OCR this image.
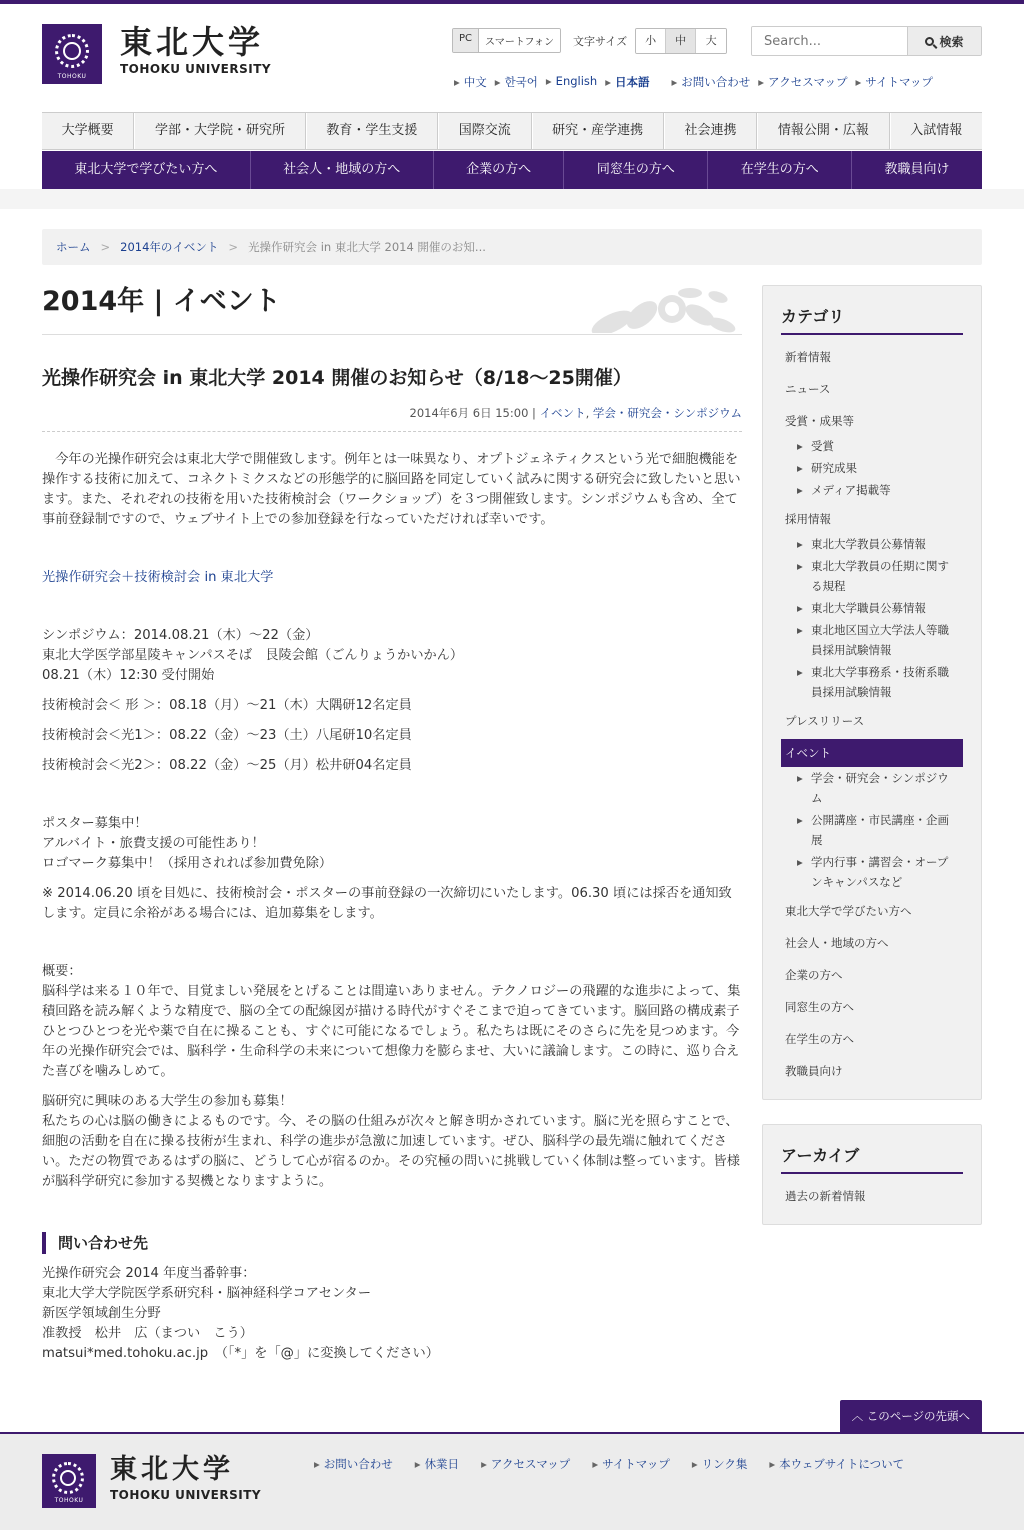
TOHOKU
東北大学
TOHOKU UNIVERSITY
PC	スマートフォン	文字サイズ	小	中	大
Search...	検索
▸ 中文	▸ 한국어	▸ English	▸ 日本語	▸ お問い合わせ	▸ アクセスマップ	▸ サイトマップ
大学概要	学部・大学院・研究所	教育・学生支援	国際交流	研究・産学連携	社会連携	情報公開・広報	入試情報
東北大学で学びたい方へ	社会人・地域の方へ	企業の方へ	同窓生の方へ	在学生の方へ	教職員向け
ホーム > 2014年のイベント > 光操作研究会 in 東北大学 2014 開催のお知...
2014年 | イベント
光操作研究会 in 東北大学 2014 開催のお知らせ（8/18〜25開催）
2014年6月 6日 15:00 | イベント, 学会・研究会・シンポジウム

今年の光操作研究会は東北大学で開催致します。例年とは一味異なり、オプトジェネティクスという光で細胞機能を操作する技術に加えて、コネクトミクスなどの形態学的に脳回路を同定していく試みに関する研究会に致したいと思います。また、それぞれの技術を用いた技術検討会（ワークショップ）を３つ開催致します。シンポジウムも含め、全て事前登録制ですので、ウェブサイト上での参加登録を行なっていただければ幸いです。

光操作研究会＋技術検討会 in 東北大学

シンポジウム：2014.08.21（木）〜22（金）
東北大学医学部星陵キャンパスそば　艮陵会館（ごんりょうかいかん）
08.21（木）12:30 受付開始

技術検討会＜ 形 ＞：08.18（月）〜21（木）大隅研12名定員

技術検討会＜光1＞：08.22（金）〜23（土）八尾研10名定員

技術検討会＜光2＞：08.22（金）〜25（月）松井研04名定員

ポスター募集中！
アルバイト・旅費支援の可能性あり！
ロゴマーク募集中！（採用されれば参加費免除）

※ 2014.06.20 頃を目処に、技術検討会・ポスターの事前登録の一次締切にいたします。06.30 頃には採否を通知致します。定員に余裕がある場合には、追加募集をします。

概要：
脳科学は来る１０年で、目覚ましい発展をとげることは間違いありません。テクノロジーの飛躍的な進歩によって、集積回路を読み解くような精度で、脳の全ての配線図が描ける時代がすぐそこまで迫ってきています。脳回路の構成素子ひとつひとつを光や薬で自在に操ることも、すぐに可能になるでしょう。私たちは既にそのさらに先を見つめます。今年の光操作研究会では、脳科学・生命科学の未来について想像力を膨らませ、大いに議論します。この時に、巡り合えた喜びを噛みしめて。

脳研究に興味のある大学生の参加も募集！
私たちの心は脳の働きによるものです。今、その脳の仕組みが次々と解き明かされています。脳に光を照らすことで、細胞の活動を自在に操る技術が生まれ、科学の進歩が急激に加速しています。ぜひ、脳科学の最先端に触れてください。ただの物質であるはずの脳に、どうして心が宿るのか。その究極の問いに挑戦していく体制は整っています。皆様が脳科学研究に参加する契機となりますように。

問い合わせ先

光操作研究会 2014 年度当番幹事：
東北大学大学院医学系研究科・脳神経科学コアセンター
新医学領域創生分野
准教授　松井　広（まつい　こう）
matsui*med.tohoku.ac.jp　（「*」を「@」に変換してください）

カテゴリ
新着情報
ニュース
受賞・成果等
▸ 受賞
▸ 研究成果
▸ メディア掲載等
採用情報
▸ 東北大学教員公募情報
▸ 東北大学教員の任期に関する規程
▸ 東北大学職員公募情報
▸ 東北地区国立大学法人等職員採用試験情報
▸ 東北大学事務系・技術系職員採用試験情報
プレスリリース
イベント
▸ 学会・研究会・シンポジウム
▸ 公開講座・市民講座・企画展
▸ 学内行事・講習会・オープンキャンパスなど
東北大学で学びたい方へ
社会人・地域の方へ
企業の方へ
同窓生の方へ
在学生の方へ
教職員向け
アーカイブ
過去の新着情報
︿ このページの先頭へ
TOHOKU
東北大学
TOHOKU UNIVERSITY
▸ お問い合わせ	▸ 休業日	▸ アクセスマップ	▸ サイトマップ	▸ リンク集	▸ 本ウェブサイトについて
